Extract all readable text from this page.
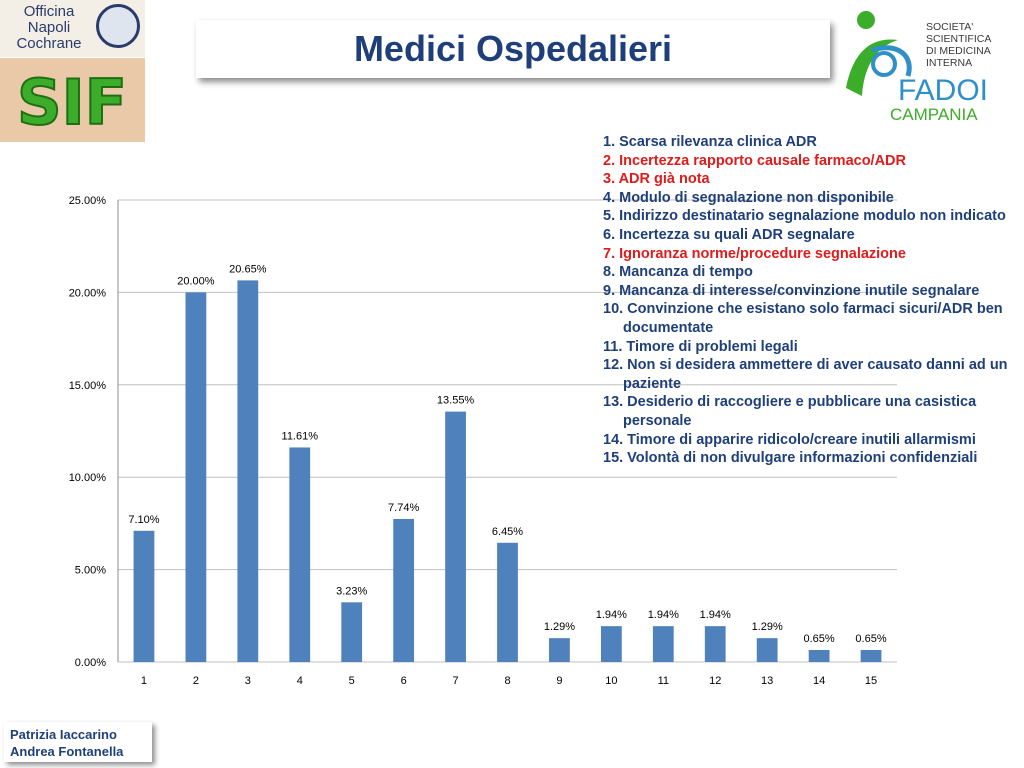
Officina
Napoli
Cochrane
SIF
Medici Ospedalieri
SOCIETA'
SCIENTIFICA
DI MEDICINA
INTERNA
FADOI
CAMPANIA
0.00%
5.00%
10.00%
15.00%
20.00%
25.00%
7.10%
1
20.00%
2
20.65%
3
11.61%
4
3.23%
5
7.74%
6
13.55%
7
6.45%
8
1.29%
9
1.94%
10
1.94%
11
1.94%
12
1.29%
13
0.65%
14
0.65%
15
1. Scarsa rilevanza clinica ADR
2. Incertezza rapporto causale farmaco/ADR
3. ADR già nota
4. Modulo di segnalazione non disponibile
5. Indirizzo destinatario segnalazione modulo non indicato
6. Incertezza su quali ADR segnalare
7. Ignoranza norme/procedure segnalazione
8. Mancanza di tempo
9. Mancanza di interesse/convinzione inutile segnalare
10. Convinzione che esistano solo farmaci sicuri/ADR ben documentate
11. Timore di problemi legali
12. Non si desidera ammettere di aver causato danni ad un paziente
13. Desiderio di raccogliere e pubblicare una casistica personale
14. Timore di apparire ridicolo/creare inutili allarmismi
15. Volontà di non divulgare informazioni confidenziali
Patrizia Iaccarino
Andrea Fontanella
